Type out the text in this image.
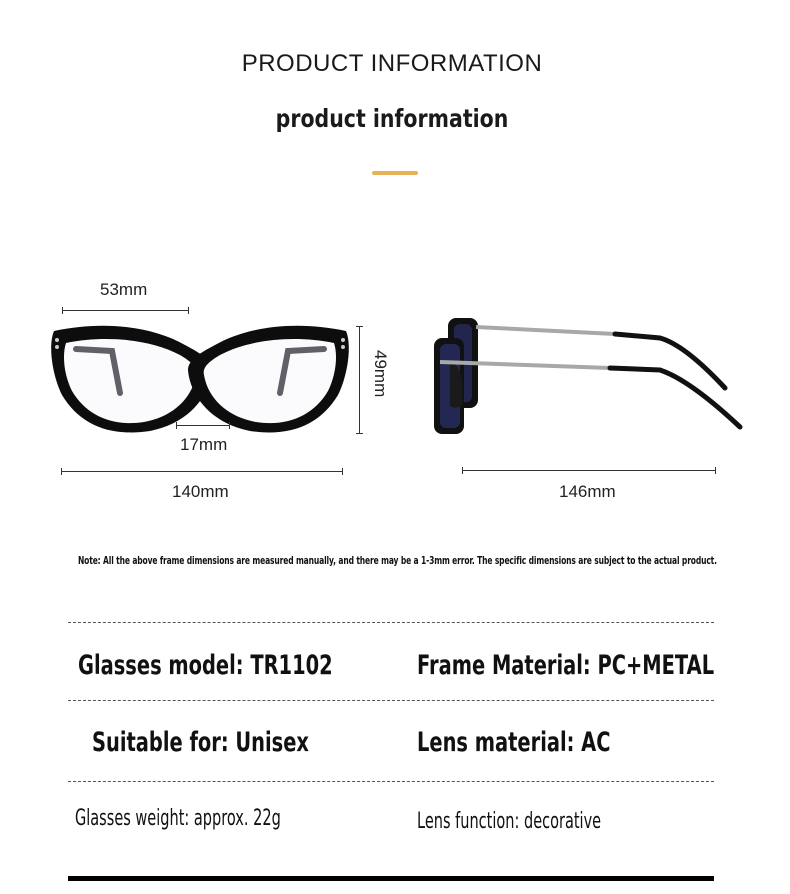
PRODUCT INFORMATION
product information
53mm
17mm
49mm
140mm	146mm
Note: All the above frame dimensions are measured manually, and there may be a 1-3mm error. The specific dimensions are subject to the actual product.
Glasses model: TR1102	Frame Material: PC+METAL
Suitable for: Unisex	Lens material: AC
Glasses weight: approx. 22g	Lens function: decorative
